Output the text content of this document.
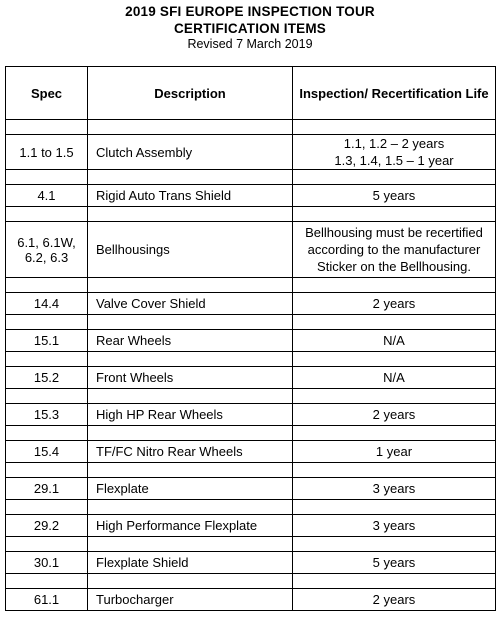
2019 SFI EUROPE INSPECTION TOUR
CERTIFICATION ITEMS
Revised 7 March 2019
Spec	Description	Inspection/ Recertification Life

1.1 to 1.5	Clutch Assembly	1.1, 1.2 – 2 years
1.3, 1.4, 1.5 – 1 year

4.1	Rigid Auto Trans Shield	5 years

6.1, 6.1W,
6.2, 6.3	Bellhousings	Bellhousing must be recertified according to the manufacturer Sticker on the Bellhousing.

14.4	Valve Cover Shield	2 years

15.1	Rear Wheels	N/A

15.2	Front Wheels	N/A

15.3	High HP Rear Wheels	2 years

15.4	TF/FC Nitro Rear Wheels	1 year

29.1	Flexplate	3 years

29.2	High Performance Flexplate	3 years

30.1	Flexplate Shield	5 years

61.1	Turbocharger	2 years
